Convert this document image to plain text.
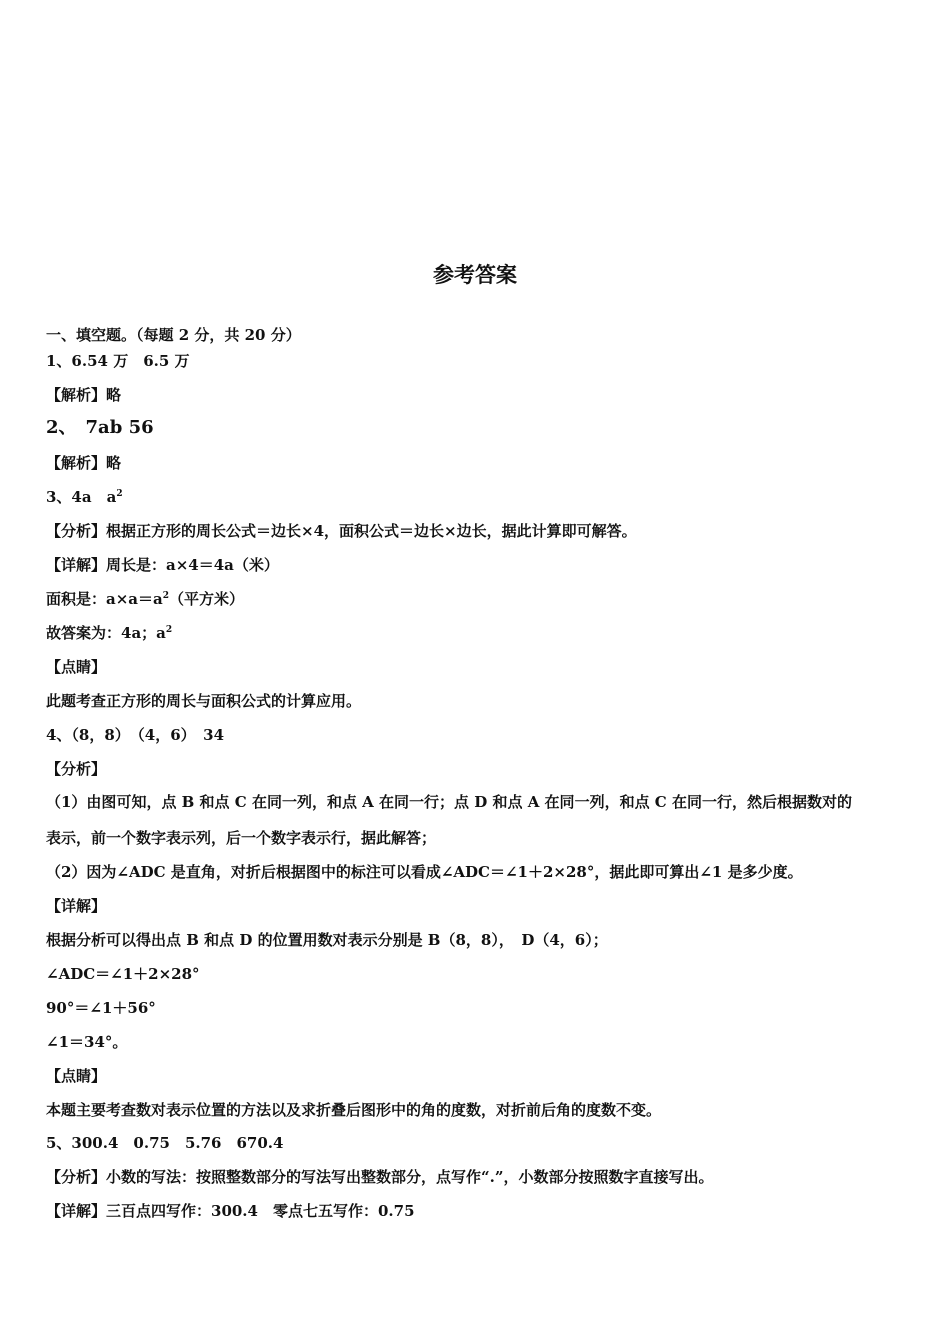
参考答案
一、填空题。（每题 2 分，共 20 分）
1、6.54 万　6.5 万
【解析】略
2、　7ab 56
【解析】略
3、4a　$a^2$
【分析】根据正方形的周长公式＝边长×4，面积公式＝边长×边长，据此计算即可解答。
【详解】周长是：a×4＝4a（米）
面积是：$a\times a=a^2$（平方米）
故答案为：4a；$a^2$
【点睛】
此题考查正方形的周长与面积公式的计算应用。
4、（8，8）　（4，6）　34
【分析】
（1）由图可知，点 B 和点 C 在同一列，和点 A 在同一行；点 D 和点 A 在同一列，和点 C 在同一行，然后根据数对的
表示，前一个数字表示列，后一个数字表示行，据此解答；
（2）因为∠ADC 是直角，对折后根据图中的标注可以看成∠ADC＝∠1＋2×28°，据此即可算出∠1 是多少度。
【详解】
根据分析可以得出点 B 和点 D 的位置用数对表示分别是 B（8，8），　D（4，6）；
∠ADC＝∠1＋2×28°
90°＝∠1＋56°
∠1＝34°。
【点睛】
本题主要考查数对表示位置的方法以及求折叠后图形中的角的度数，对折前后角的度数不变。
5、300.4　0.75　5.76　670.4
【分析】小数的写法：按照整数部分的写法写出整数部分，点写作“.”，小数部分按照数字直接写出。
【详解】三百点四写作：300.4　零点七五写作：0.75
